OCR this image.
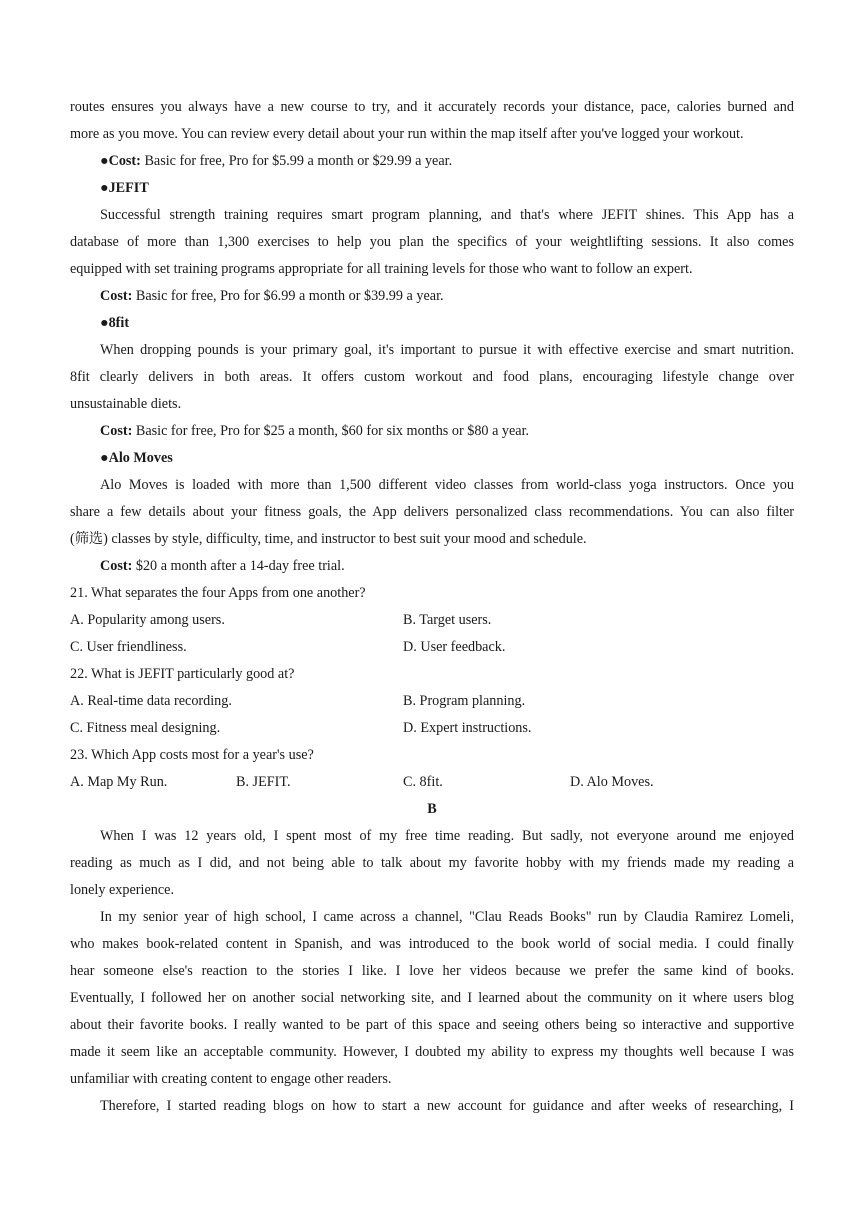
routes ensures you always have a new course to try, and it accurately records your distance, pace, calories burned and
more as you move. You can review every detail about your run within the map itself after you've logged your workout.
●Cost: Basic for free, Pro for $5.99 a month or $29.99 a year.
●JEFIT
Successful strength training requires smart program planning, and that's where JEFIT shines. This App has a
database of more than 1,300 exercises to help you plan the specifics of your weightlifting sessions. It also comes
equipped with set training programs appropriate for all training levels for those who want to follow an expert.
Cost: Basic for free, Pro for $6.99 a month or $39.99 a year.
●8fit
When dropping pounds is your primary goal, it's important to pursue it with effective exercise and smart nutrition.
8fit clearly delivers in both areas. It offers custom workout and food plans, encouraging lifestyle change over
unsustainable diets.
Cost: Basic for free, Pro for $25 a month, $60 for six months or $80 a year.
●Alo Moves
Alo Moves is loaded with more than 1,500 different video classes from world-class yoga instructors. Once you
share a few details about your fitness goals, the App delivers personalized class recommendations. You can also filter
(筛选) classes by style, difficulty, time, and instructor to best suit your mood and schedule.
Cost: $20 a month after a 14-day free trial.
21. What separates the four Apps from one another?
A. Popularity among users.	B. Target users.
C. User friendliness.	D. User feedback.
22. What is JEFIT particularly good at?
A. Real-time data recording.	B. Program planning.
C. Fitness meal designing.	D. Expert instructions.
23. Which App costs most for a year's use?
A. Map My Run.	B. JEFIT.	C. 8fit.	D. Alo Moves.
B
When I was 12 years old, I spent most of my free time reading. But sadly, not everyone around me enjoyed
reading as much as I did, and not being able to talk about my favorite hobby with my friends made my reading a
lonely experience.
In my senior year of high school, I came across a channel, "Clau Reads Books" run by Claudia Ramirez Lomeli,
who makes book-related content in Spanish, and was introduced to the book world of social media. I could finally
hear someone else's reaction to the stories I like. I love her videos because we prefer the same kind of books.
Eventually, I followed her on another social networking site, and I learned about the community on it where users blog
about their favorite books. I really wanted to be part of this space and seeing others being so interactive and supportive
made it seem like an acceptable community. However, I doubted my ability to express my thoughts well because I was
unfamiliar with creating content to engage other readers.
Therefore, I started reading blogs on how to start a new account for guidance and after weeks of researching, I
